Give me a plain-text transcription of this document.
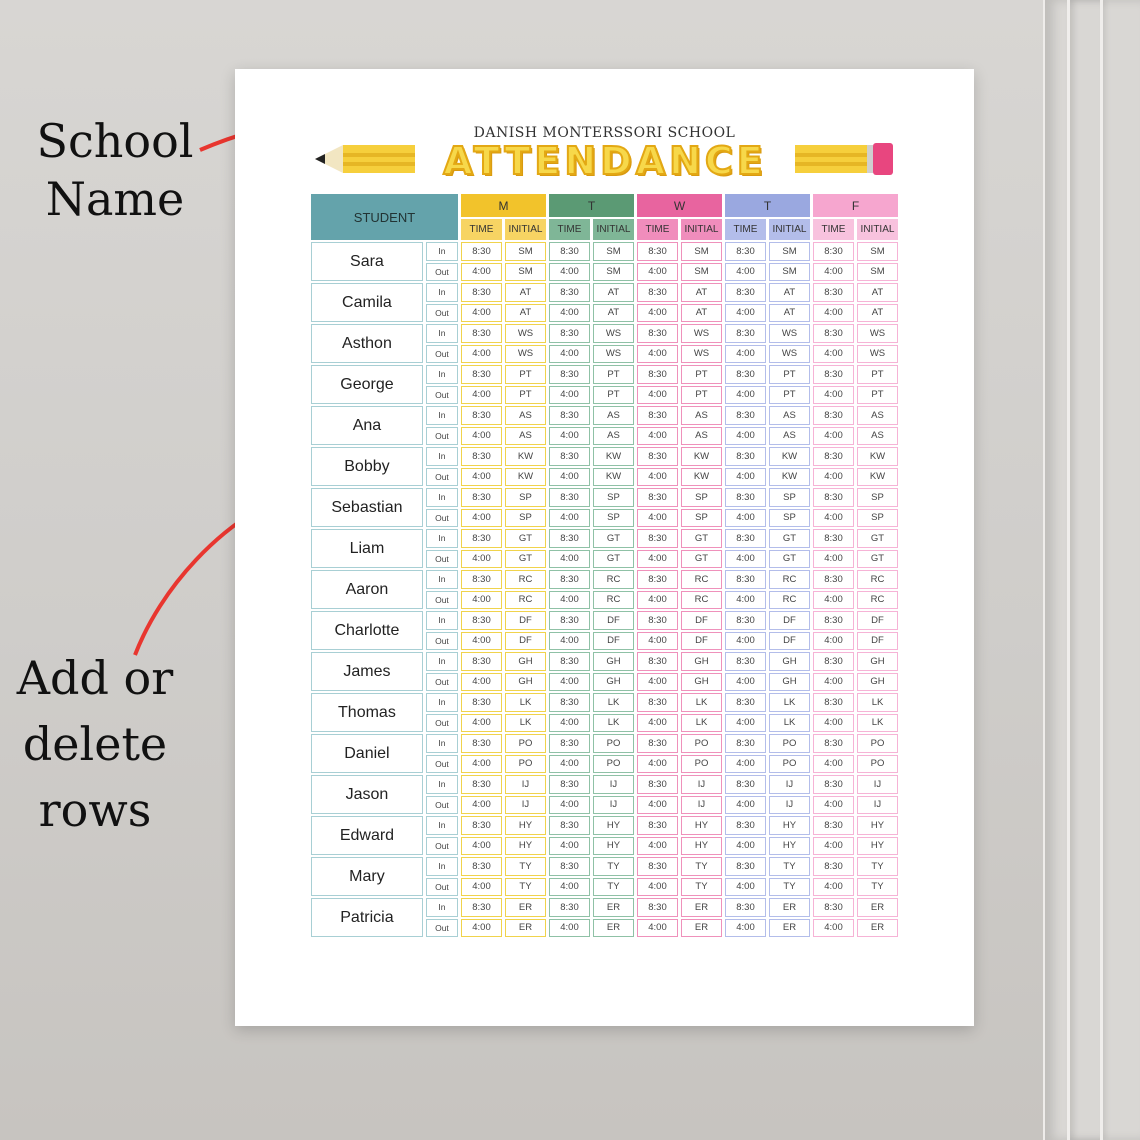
School
Name
Add or
delete
rows
DANISH MONTERSSORI SCHOOL
ATTENDANCE
STUDENT		M		T		W		T		F	
		TIME	INITIAL	TIME	INITIAL	TIME	INITIAL	TIME	INITIAL	TIME	INITIAL
Sara	In	8:30	SM	8:30	SM	8:30	SM	8:30	SM	8:30	SM
	Out	4:00	SM	4:00	SM	4:00	SM	4:00	SM	4:00	SM
Camila	In	8:30	AT	8:30	AT	8:30	AT	8:30	AT	8:30	AT
	Out	4:00	AT	4:00	AT	4:00	AT	4:00	AT	4:00	AT
Asthon	In	8:30	WS	8:30	WS	8:30	WS	8:30	WS	8:30	WS
	Out	4:00	WS	4:00	WS	4:00	WS	4:00	WS	4:00	WS
George	In	8:30	PT	8:30	PT	8:30	PT	8:30	PT	8:30	PT
	Out	4:00	PT	4:00	PT	4:00	PT	4:00	PT	4:00	PT
Ana	In	8:30	AS	8:30	AS	8:30	AS	8:30	AS	8:30	AS
	Out	4:00	AS	4:00	AS	4:00	AS	4:00	AS	4:00	AS
Bobby	In	8:30	KW	8:30	KW	8:30	KW	8:30	KW	8:30	KW
	Out	4:00	KW	4:00	KW	4:00	KW	4:00	KW	4:00	KW
Sebastian	In	8:30	SP	8:30	SP	8:30	SP	8:30	SP	8:30	SP
	Out	4:00	SP	4:00	SP	4:00	SP	4:00	SP	4:00	SP
Liam	In	8:30	GT	8:30	GT	8:30	GT	8:30	GT	8:30	GT
	Out	4:00	GT	4:00	GT	4:00	GT	4:00	GT	4:00	GT
Aaron	In	8:30	RC	8:30	RC	8:30	RC	8:30	RC	8:30	RC
	Out	4:00	RC	4:00	RC	4:00	RC	4:00	RC	4:00	RC
Charlotte	In	8:30	DF	8:30	DF	8:30	DF	8:30	DF	8:30	DF
	Out	4:00	DF	4:00	DF	4:00	DF	4:00	DF	4:00	DF
James	In	8:30	GH	8:30	GH	8:30	GH	8:30	GH	8:30	GH
	Out	4:00	GH	4:00	GH	4:00	GH	4:00	GH	4:00	GH
Thomas	In	8:30	LK	8:30	LK	8:30	LK	8:30	LK	8:30	LK
	Out	4:00	LK	4:00	LK	4:00	LK	4:00	LK	4:00	LK
Daniel	In	8:30	PO	8:30	PO	8:30	PO	8:30	PO	8:30	PO
	Out	4:00	PO	4:00	PO	4:00	PO	4:00	PO	4:00	PO
Jason	In	8:30	IJ	8:30	IJ	8:30	IJ	8:30	IJ	8:30	IJ
	Out	4:00	IJ	4:00	IJ	4:00	IJ	4:00	IJ	4:00	IJ
Edward	In	8:30	HY	8:30	HY	8:30	HY	8:30	HY	8:30	HY
	Out	4:00	HY	4:00	HY	4:00	HY	4:00	HY	4:00	HY
Mary	In	8:30	TY	8:30	TY	8:30	TY	8:30	TY	8:30	TY
	Out	4:00	TY	4:00	TY	4:00	TY	4:00	TY	4:00	TY
Patricia	In	8:30	ER	8:30	ER	8:30	ER	8:30	ER	8:30	ER
	Out	4:00	ER	4:00	ER	4:00	ER	4:00	ER	4:00	ER
